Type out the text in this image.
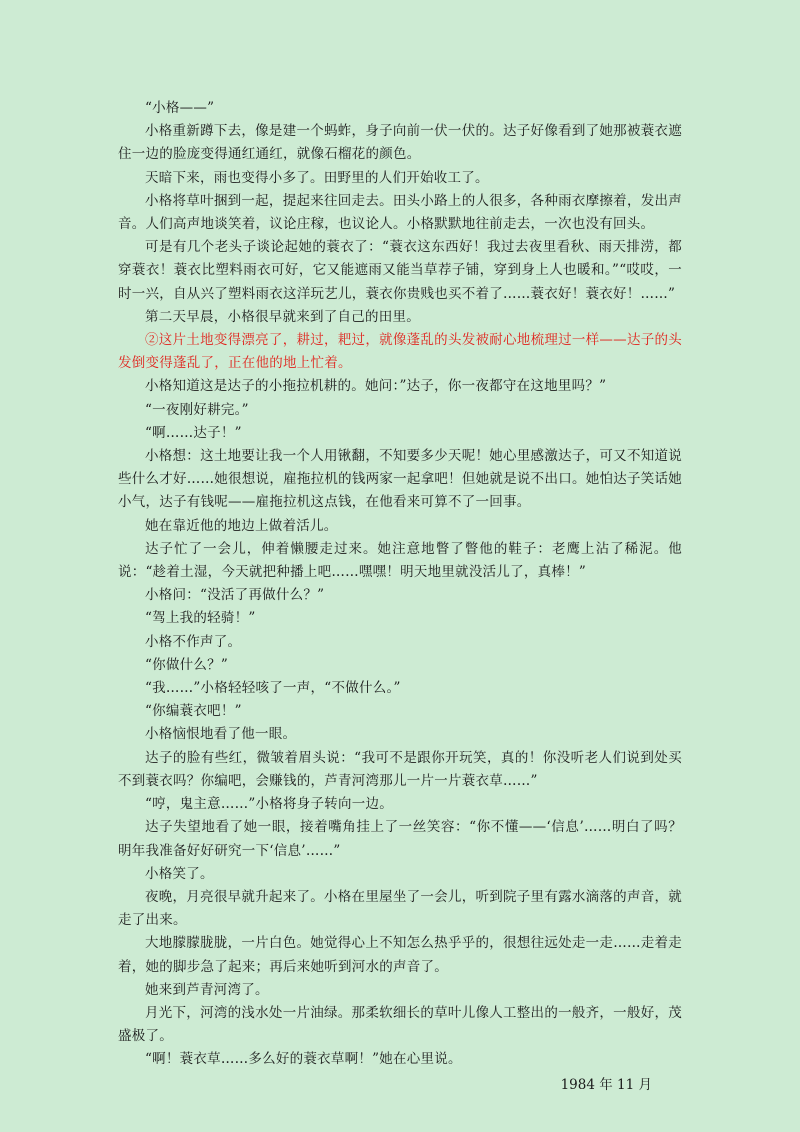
“小格——”

小格重新蹲下去，像是建一个蚂蚱，身子向前一伏一伏的。达子好像看到了她那被蓑衣遮住一边的脸庞变得通红通红，就像石榴花的颜色。

天暗下来，雨也变得小多了。田野里的人们开始收工了。

小格将草叶捆到一起，提起来往回走去。田头小路上的人很多，各种雨衣摩擦着，发出声音。人们高声地谈笑着，议论庄稼，也议论人。小格默默地往前走去，一次也没有回头。

可是有几个老头子谈论起她的蓑衣了：“蓑衣这东西好！我过去夜里看秋、雨天排涝，都穿蓑衣！蓑衣比塑料雨衣可好，它又能遮雨又能当草荐子铺，穿到身上人也暖和。”“哎哎，一时一兴，自从兴了塑料雨衣这洋玩艺儿，蓑衣你贵贱也买不着了……蓑衣好！蓑衣好！……”

第二天早晨，小格很早就来到了自己的田里。

②这片土地变得漂亮了，耕过，耙过，就像蓬乱的头发被耐心地梳理过一样——达子的头发倒变得蓬乱了，正在他的地上忙着。

小格知道这是达子的小拖拉机耕的。她问：”达子，你一夜都守在这地里吗？”

“一夜刚好耕完。”

“啊……达子！”

小格想：这土地要让我一个人用锹翻，不知要多少天呢！她心里感激达子，可又不知道说些什么才好……她很想说，雇拖拉机的钱两家一起拿吧！但她就是说不出口。她怕达子笑话她小气，达子有钱呢——雇拖拉机这点钱，在他看来可算不了一回事。

她在靠近他的地边上做着活儿。

达子忙了一会儿，伸着懒腰走过来。她注意地瞥了瞥他的鞋子：老鹰上沾了稀泥。他说：“趁着土湿，今天就把种播上吧……嘿嘿！明天地里就没活儿了，真棒！”

小格问：“没活了再做什么？”

“驾上我的轻骑！”

小格不作声了。

“你做什么？”

“我……”小格轻轻咳了一声，“不做什么。”

“你编蓑衣吧！”

小格恼恨地看了他一眼。

达子的脸有些红，微皱着眉头说：“我可不是跟你开玩笑，真的！你没听老人们说到处买不到蓑衣吗？你编吧，会赚钱的，芦青河湾那儿一片一片蓑衣草……”

“哼，鬼主意……”小格将身子转向一边。

达子失望地看了她一眼，接着嘴角挂上了一丝笑容：“你不懂——‘信息’……明白了吗？明年我准备好好研究一下‘信息’……”

小格笑了。

夜晚，月亮很早就升起来了。小格在里屋坐了一会儿，听到院子里有露水滴落的声音，就走了出来。

大地朦朦胧胧，一片白色。她觉得心上不知怎么热乎乎的，很想往远处走一走……走着走着，她的脚步急了起来；再后来她听到河水的声音了。

她来到芦青河湾了。

月光下，河湾的浅水处一片油绿。那柔软细长的草叶儿像人工整出的一般齐，一般好，茂盛极了。

“啊！蓑衣草……多么好的蓑衣草啊！”她在心里说。

1984 年 11 月
